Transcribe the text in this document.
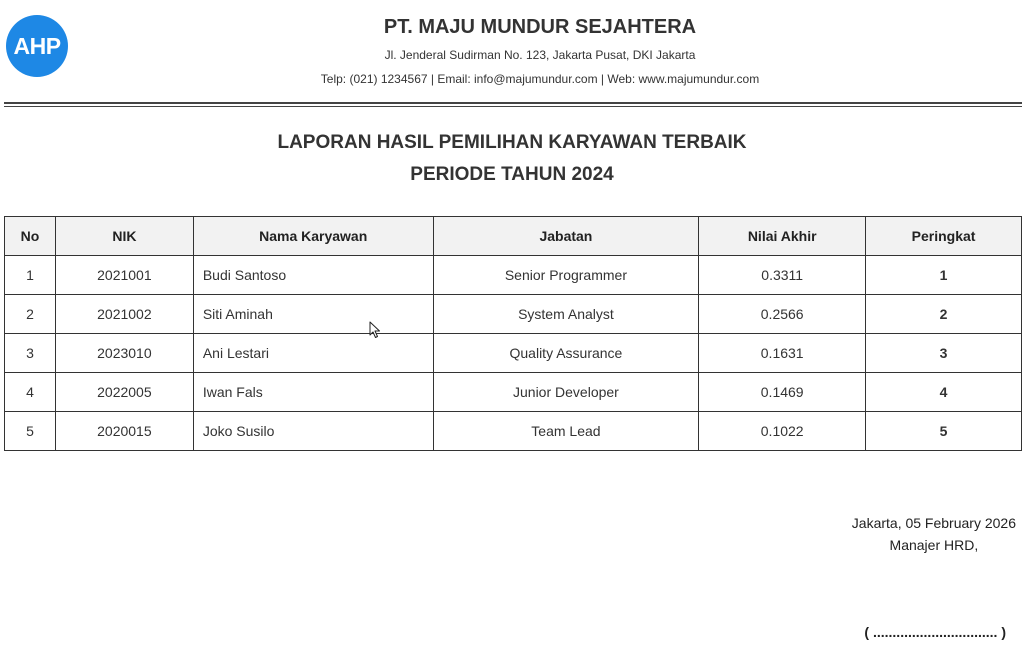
AHP
PT. MAJU MUNDUR SEJAHTERA
Jl. Jenderal Sudirman No. 123, Jakarta Pusat, DKI Jakarta
Telp: (021) 1234567 | Email: info@majumundur.com | Web: www.majumundur.com
LAPORAN HASIL PEMILIHAN KARYAWAN TERBAIK
PERIODE TAHUN 2024
No	NIK	Nama Karyawan	Jabatan	Nilai Akhir	Peringkat
1	2021001	Budi Santoso	Senior Programmer	0.3311	1
2	2021002	Siti Aminah	System Analyst	0.2566	2
3	2023010	Ani Lestari	Quality Assurance	0.1631	3
4	2022005	Iwan Fals	Junior Developer	0.1469	4
5	2020015	Joko Susilo	Team Lead	0.1022	5
Jakarta, 05 February 2026
Manajer HRD,
( ................................ )
